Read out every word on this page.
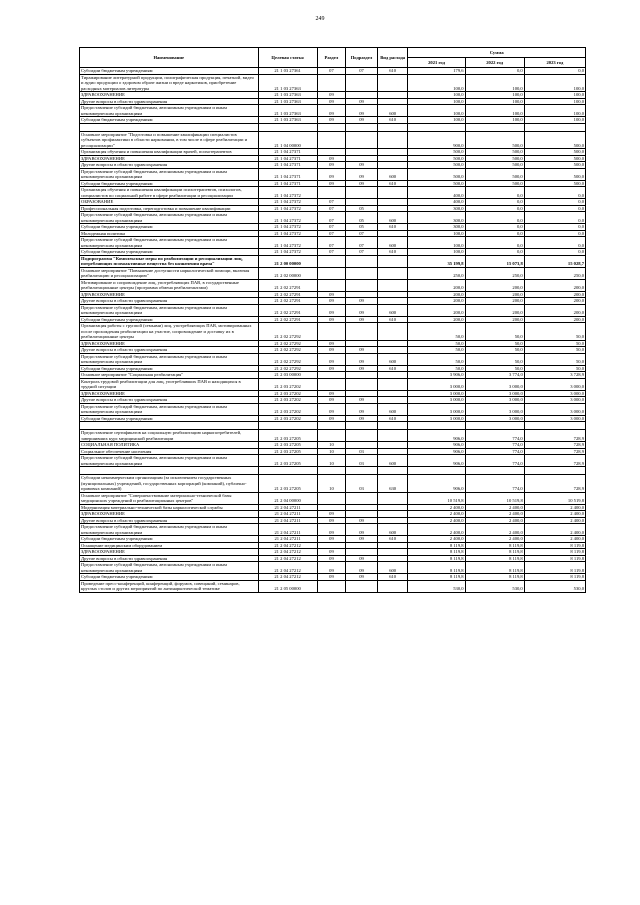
249
Наименование	Целевая статья	Раздел	Подраздел	Вид расхода	Сумма		
					2021 год	2022 год	2023 год
Субсидии бюджетным учреждениям	21 1 03 27361	07	07	610	179,6	0,0	0,0
Тиражирование литературной продукции, полиграфическая продукция, печатной, видео и аудио продукции о здоровом образе жизни и вреде наркотиков, приобретение расходных материалов литературы	21 1 03 27363				100,0	100,0	100,0
ЗДРАВООХРАНЕНИЕ	21 1 03 27363	09			100,0	100,0	100,0
Другие вопросы в области здравоохранения	21 1 03 27363	09	09		100,0	100,0	100,0
Предоставление субсидий бюджетным, автономным учреждениям и иным некоммерческим организациям	21 1 03 27363	09	09	600	100,0	100,0	100,0
Субсидии бюджетным учреждениям	21 1 03 27363	09	09	610	100,0	100,0	100,0

Основное мероприятие "Подготовка и повышение квалификации специалистов субъектов профилактики в области наркомании, в том числе в сфере реабилитации и ресоциализации"	21 1 04 00000				900,0	500,0	500,0
Организация обучения и повышения квалификации врачей, психотерапевтов	21 1 04 27371				500,0	500,0	500,0
ЗДРАВООХРАНЕНИЕ	21 1 04 27371	09			500,0	500,0	500,0
Другие вопросы в области здравоохранения	21 1 04 27371	09	09		500,0	500,0	500,0
Предоставление субсидий бюджетным, автономным учреждениям и иным некоммерческим организациям	21 1 04 27371	09	09	600	500,0	500,0	500,0
Субсидии бюджетным учреждениям	21 1 04 27371	09	09	610	500,0	500,0	500,0
Организация обучения и повышения квалификации психотерапевтов, психологов, специалистов по социальной работе в сфере реабилитации и ресоциализации	21 1 04 27372				400,0	0,0	0,0
ОБРАЗОВАНИЕ	21 1 04 27372	07			400,0	0,0	0,0
Профессиональная подготовка, переподготовка и повышение квалификации	21 1 04 27372	07	05		300,0	0,0	0,0
Предоставление субсидий бюджетным, автономным учреждениям и иным некоммерческим организациям	21 1 04 27372	07	05	600	300,0	0,0	0,0
Субсидии бюджетным учреждениям	21 1 04 27372	07	05	610	300,0	0,0	0,0
Молодежная политика	21 1 04 27372	07	07		100,0	0,0	0,0
Предоставление субсидий бюджетным, автономным учреждениям и иным некоммерческим организациям	21 1 04 27372	07	07	600	100,0	0,0	0,0
Субсидии бюджетным учреждениям	21 1 04 27372	07	07	610	100,0	0,0	0,0
Подпрограмма "Комплексные меры по реабилитации и ресоциализации лиц, потребляющих психоактивные вещества без назначения врача"	21 2 00 00000				35 199,8	15 073,8	15 028,7
Основное мероприятие "Повышение доступности наркологической помощи, включая реабилитацию и ресоциализацию"	21 2 02 00000				250,0	250,0	250,0
Мотивирование и сопровождение лиц, употребляющих ПАВ, в государственные реабилитационные центры (программа обмена реабилитантами)	21 2 02 27291				200,0	200,0	200,0
ЗДРАВООХРАНЕНИЕ	21 2 02 27291	09			200,0	200,0	200,0
Другие вопросы в области здравоохранения	21 2 02 27291	09	09		200,0	200,0	200,0
Предоставление субсидий бюджетным, автономным учреждениям и иным некоммерческим организациям	21 2 02 27291	09	09	600	200,0	200,0	200,0
Субсидии бюджетным учреждениям	21 2 02 27291	09	09	610	200,0	200,0	200,0
Организация работы с группой (семьями) лиц, употребляющих ПАВ, мотивированных после прохождения реабилитации на участие, сопровождение и доставку их в реабилитационные центры	21 2 02 27292				50,0	50,0	50,0
ЗДРАВООХРАНЕНИЕ	21 2 02 27292	09			50,0	50,0	50,0
Другие вопросы в области здравоохранения	21 2 02 27292	09	09		50,0	50,0	50,0
Предоставление субсидий бюджетным, автономным учреждениям и иным некоммерческим организациям	21 2 02 27292	09	09	600	50,0	50,0	50,0
Субсидии бюджетным учреждениям	21 2 02 27292	09	09	610	50,0	50,0	50,0
Основное мероприятие "Социальная реабилитация"	21 2 03 00000				3 906,0	3 774,0	3 728,9
Контроль трудовой реабилитации для лиц, употреблявших ПАВ и находящихся в трудной ситуации	21 2 03 27202				3 000,0	3 000,0	3 000,0
ЗДРАВООХРАНЕНИЕ	21 2 03 27202	09			3 000,0	3 000,0	3 000,0
Другие вопросы в области здравоохранения	21 2 03 27202	09	09		3 000,0	3 000,0	3 000,0
Предоставление субсидий бюджетным, автономным учреждениям и иным некоммерческим организациям	21 2 03 27202	09	09	600	3 000,0	3 000,0	3 000,0
Субсидии бюджетным учреждениям	21 2 03 27202	09	09	610	3 000,0	3 000,0	3 000,0

Предоставление сертификатов на социальную реабилитацию наркопотребителей, завершивших курс медицинской реабилитации	21 2 03 27205				906,0	774,0	728,9
СОЦИАЛЬНАЯ ПОЛИТИКА	21 2 03 27205	10			906,0	774,0	728,9
Социальное обеспечение населения	21 2 03 27205	10	03		906,0	774,0	728,9
Предоставление субсидий бюджетным, автономным учреждениям и иным некоммерческим организациям	21 2 03 27205	10	03	600	906,0	774,0	728,9

Субсидии некоммерческим организациям (за исключением государственных (муниципальных) учреждений, государственных корпораций (компаний), публично-правовых компаний)	21 2 03 27205	10	03	630	906,0	774,0	728,9
Основное мероприятие "Совершенствование материально-технической базы медицинских учреждений и реабилитационных центров"	21 2 04 00000				10 519,8	10 519,8	10 519,8
Модернизация материально-технической базы наркологической службы	21 2 04 27211				2 400,0	2 400,0	2 400,0
ЗДРАВООХРАНЕНИЕ	21 2 04 27211	09			2 400,0	2 400,0	2 400,0
Другие вопросы в области здравоохранения	21 2 04 27211	09	09		2 400,0	2 400,0	2 400,0
Предоставление субсидий бюджетным, автономным учреждениям и иным некоммерческим организациям	21 2 04 27211	09	09	600	2 400,0	2 400,0	2 400,0
Субсидии бюджетным учреждениям	21 2 04 27211	09	09	610	2 400,0	2 400,0	2 400,0
Оснащение медицинским оборудованием	21 2 04 27212				8 119,8	8 119,8	8 119,8
ЗДРАВООХРАНЕНИЕ	21 2 04 27212	09			8 119,8	8 119,8	8 119,8
Другие вопросы в области здравоохранения	21 2 04 27212	09	09		8 119,8	8 119,8	8 119,8
Предоставление субсидий бюджетным, автономным учреждениям и иным некоммерческим организациям	21 2 04 27212	09	09	600	8 119,8	8 119,8	8 119,8
Субсидии бюджетным учреждениям	21 2 04 27212	09	09	610	8 119,8	8 119,8	8 119,8
Проведение пресс-конференций, конференций, форумов, совещаний, семинаров, круглых столов и других мероприятий по антинаркотической тематике	21 2 05 00000				530,0	530,0	530,0
